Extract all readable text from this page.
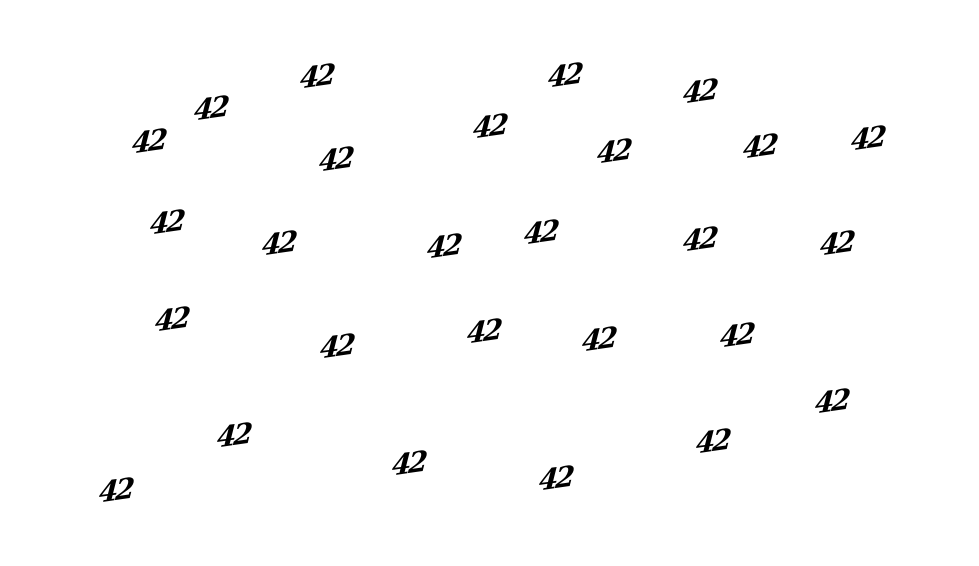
42	42	42
42	42
42	42
42
42
42
42	42	42
42	42
42
42	42	42
42
42
42
42	42
42	42
42
